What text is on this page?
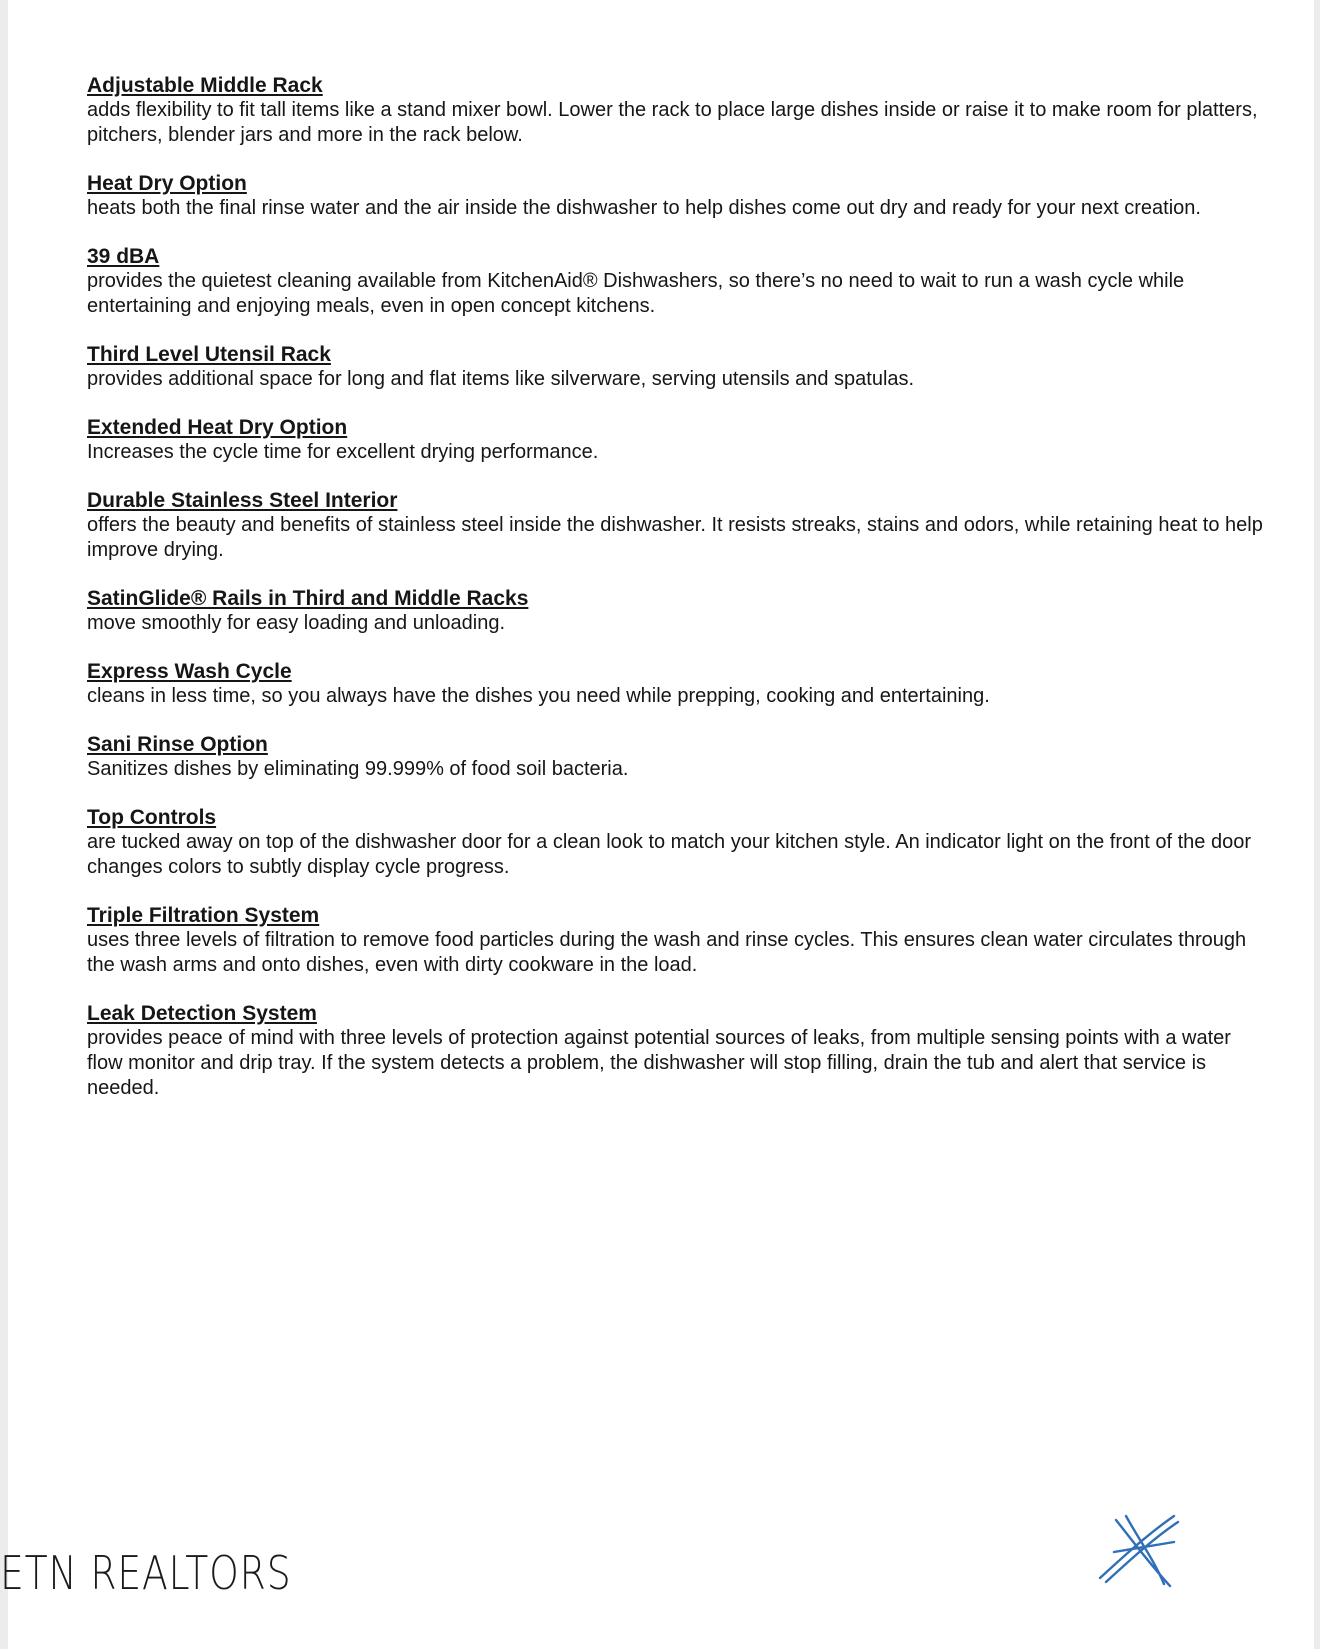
Adjustable Middle Rack

adds flexibility to fit tall items like a stand mixer bowl. Lower the rack to place large dishes inside or raise it to make room for platters, pitchers, blender jars and more in the rack below.

Heat Dry Option

heats both the final rinse water and the air inside the dishwasher to help dishes come out dry and ready for your next creation.

39 dBA

provides the quietest cleaning available from KitchenAid® Dishwashers, so there’s no need to wait to run a wash cycle while entertaining and enjoying meals, even in open concept kitchens.

Third Level Utensil Rack

provides additional space for long and flat items like silverware, serving utensils and spatulas.

Extended Heat Dry Option

Increases the cycle time for excellent drying performance.

Durable Stainless Steel Interior

offers the beauty and benefits of stainless steel inside the dishwasher. It resists streaks, stains and odors, while retaining heat to help improve drying.

SatinGlide® Rails in Third and Middle Racks

move smoothly for easy loading and unloading.

Express Wash Cycle

cleans in less time, so you always have the dishes you need while prepping, cooking and entertaining.

Sani Rinse Option

Sanitizes dishes by eliminating 99.999% of food soil bacteria.

Top Controls

are tucked away on top of the dishwasher door for a clean look to match your kitchen style. An indicator light on the front of the door changes colors to subtly display cycle progress.

Triple Filtration System

uses three levels of filtration to remove food particles during the wash and rinse cycles. This ensures clean water circulates through the wash arms and onto dishes, even with dirty cookware in the load.

Leak Detection System

provides peace of mind with three levels of protection against potential sources of leaks, from multiple sensing points with a water flow monitor and drip tray. If the system detects a problem, the dishwasher will stop filling, drain the tub and alert that service is needed.

ETN REALTORS
